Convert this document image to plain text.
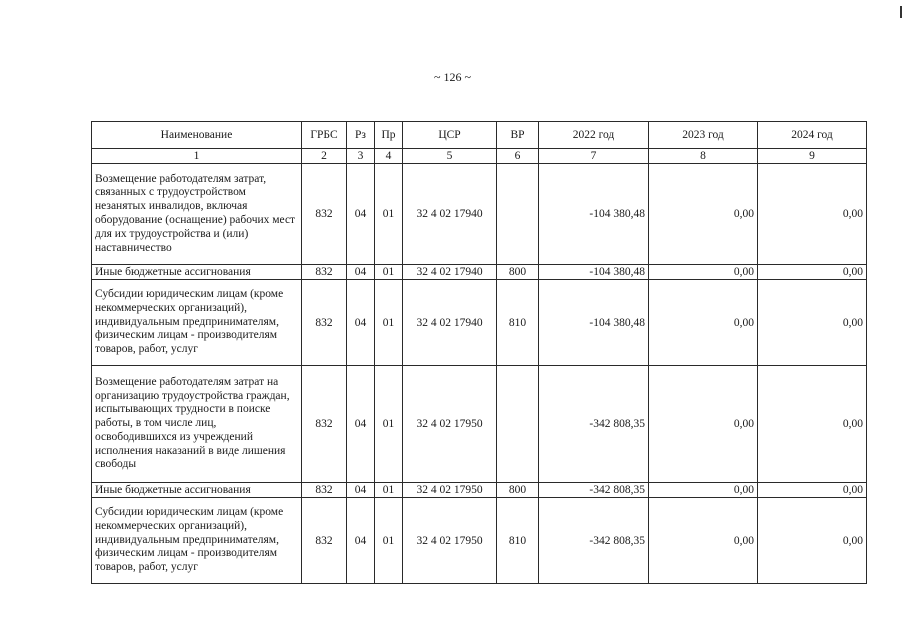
~ 126 ~
Наименование	ГРБС	Рз	Пр	ЦСР	ВР	2022 год	2023 год	2024 год
1	2	3	4	5	6	7	8	9
Возмещение работодателям затрат, связанных с трудоустройством незанятых инвалидов, включая оборудование (оснащение) рабочих мест для их трудоустройства и (или) наставничество	832	04	01	32 4 02 17940		-104 380,48	0,00	0,00
Иные бюджетные ассигнования	832	04	01	32 4 02 17940	800	-104 380,48	0,00	0,00
Субсидии юридическим лицам (кроме некоммерческих организаций), индивидуальным предпринимателям, физическим лицам - производителям товаров, работ, услуг	832	04	01	32 4 02 17940	810	-104 380,48	0,00	0,00
Возмещение работодателям затрат на организацию трудоустройства граждан, испытывающих трудности в поиске работы, в том числе лиц, освободившихся из учреждений исполнения наказаний в виде лишения свободы	832	04	01	32 4 02 17950		-342 808,35	0,00	0,00
Иные бюджетные ассигнования	832	04	01	32 4 02 17950	800	-342 808,35	0,00	0,00
Субсидии юридическим лицам (кроме некоммерческих организаций), индивидуальным предпринимателям, физическим лицам - производителям товаров, работ, услуг	832	04	01	32 4 02 17950	810	-342 808,35	0,00	0,00
